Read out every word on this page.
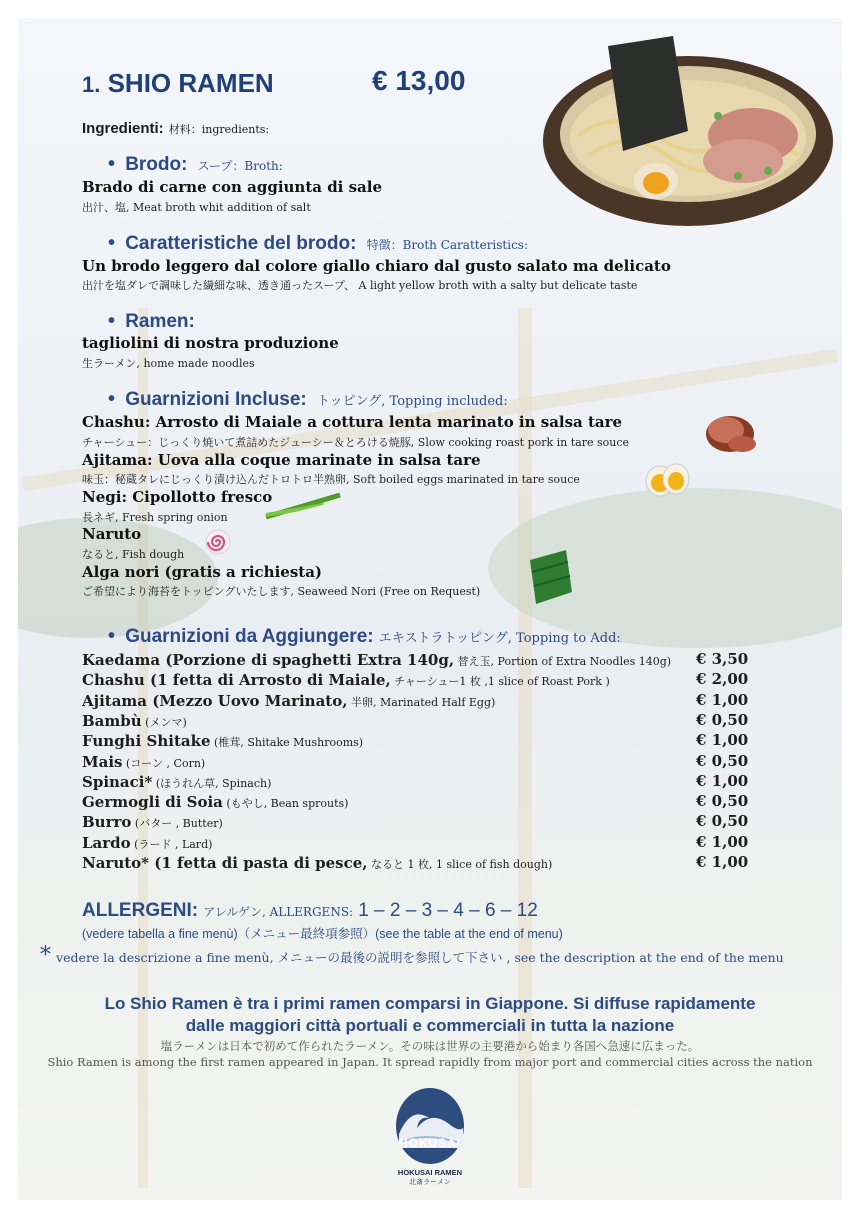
1. SHIO RAMEN	€ 13,00
Ingredienti: 材料：ingredients:
• Brodo: スープ：Broth:
Brado di carne con aggiunta di sale
出汁、塩, Meat broth whit addition of salt
• Caratteristiche del brodo: 特徴：Broth Caratteristics:
Un brodo leggero dal colore giallo chiaro dal gusto salato ma delicato
出汁を塩ダレで調味した繊細な味、透き通ったスープ、 A light yellow broth with a salty but delicate taste
• Ramen:
tagliolini di nostra produzione
生ラーメン, home made noodles
• Guarnizioni Incluse: トッピング, Topping included:
Chashu: Arrosto di Maiale a cottura lenta marinato in salsa tare
チャーシュー：じっくり焼いて煮詰めたジューシー＆とろける焼豚, Slow cooking roast pork in tare souce
Ajitama: Uova alla coque marinate in salsa tare
味玉：秘蔵タレにじっくり漬け込んだトロトロ半熟卵, Soft boiled eggs marinated in tare souce
Negi: Cipollotto fresco
長ネギ, Fresh spring onion
Naruto
なると, Fish dough
Alga nori (gratis a richiesta)
ご希望により海苔をトッピングいたします, Seaweed Nori (Free on Request)
• Guarnizioni da Aggiungere: エキストラトッピング, Topping to Add:
Kaedama (Porzione di spaghetti Extra 140g, 替え玉, Portion of Extra Noodles 140g) € 3,50
Chashu (1 fetta di Arrosto di Maiale, チャーシュー1 枚 ,1 slice of Roast Pork )	€ 2,00
Ajitama (Mezzo Uovo Marinato, 半卵, Marinated Half Egg)	€ 1,00
Bambù (メンマ)	€ 0,50
Funghi Shitake (椎茸, Shitake Mushrooms)	€ 1,00
Mais (コーン , Corn)	€ 0,50
Spinaci* (ほうれん草, Spinach)	€ 1,00
Germogli di Soia (もやし, Bean sprouts)	€ 0,50
Burro (バター , Butter)	€ 0,50
Lardo (ラード , Lard)	€ 1,00
Naruto* (1 fetta di pasta di pesce, なると 1 枚, 1 slice of fish dough)	€ 1,00
ALLERGENI: アレルゲン, ALLERGENS: 1 – 2 – 3 – 4 – 6 – 12
(vedere tabella a fine menù)（メニュー最終項参照）(see the table at the end of menu)
* vedere la descrizione a fine menù, メニューの最後の説明を参照して下さい , see the description at the end of the menu
Lo Shio Ramen è tra i primi ramen comparsi in Giappone. Si diffuse rapidamente
dalle maggiori città portuali e commerciali in tutta la nazione
塩ラーメンは日本で初めて作られたラーメン。その味は世界の主要港から始まり各国へ急速に広まった。
Shio Ramen is among the first ramen appeared in Japan. It spread rapidly from major port and commercial cities across the nation
HOKUSAI
HOKUSAI RAMEN
北斎ラーメン
